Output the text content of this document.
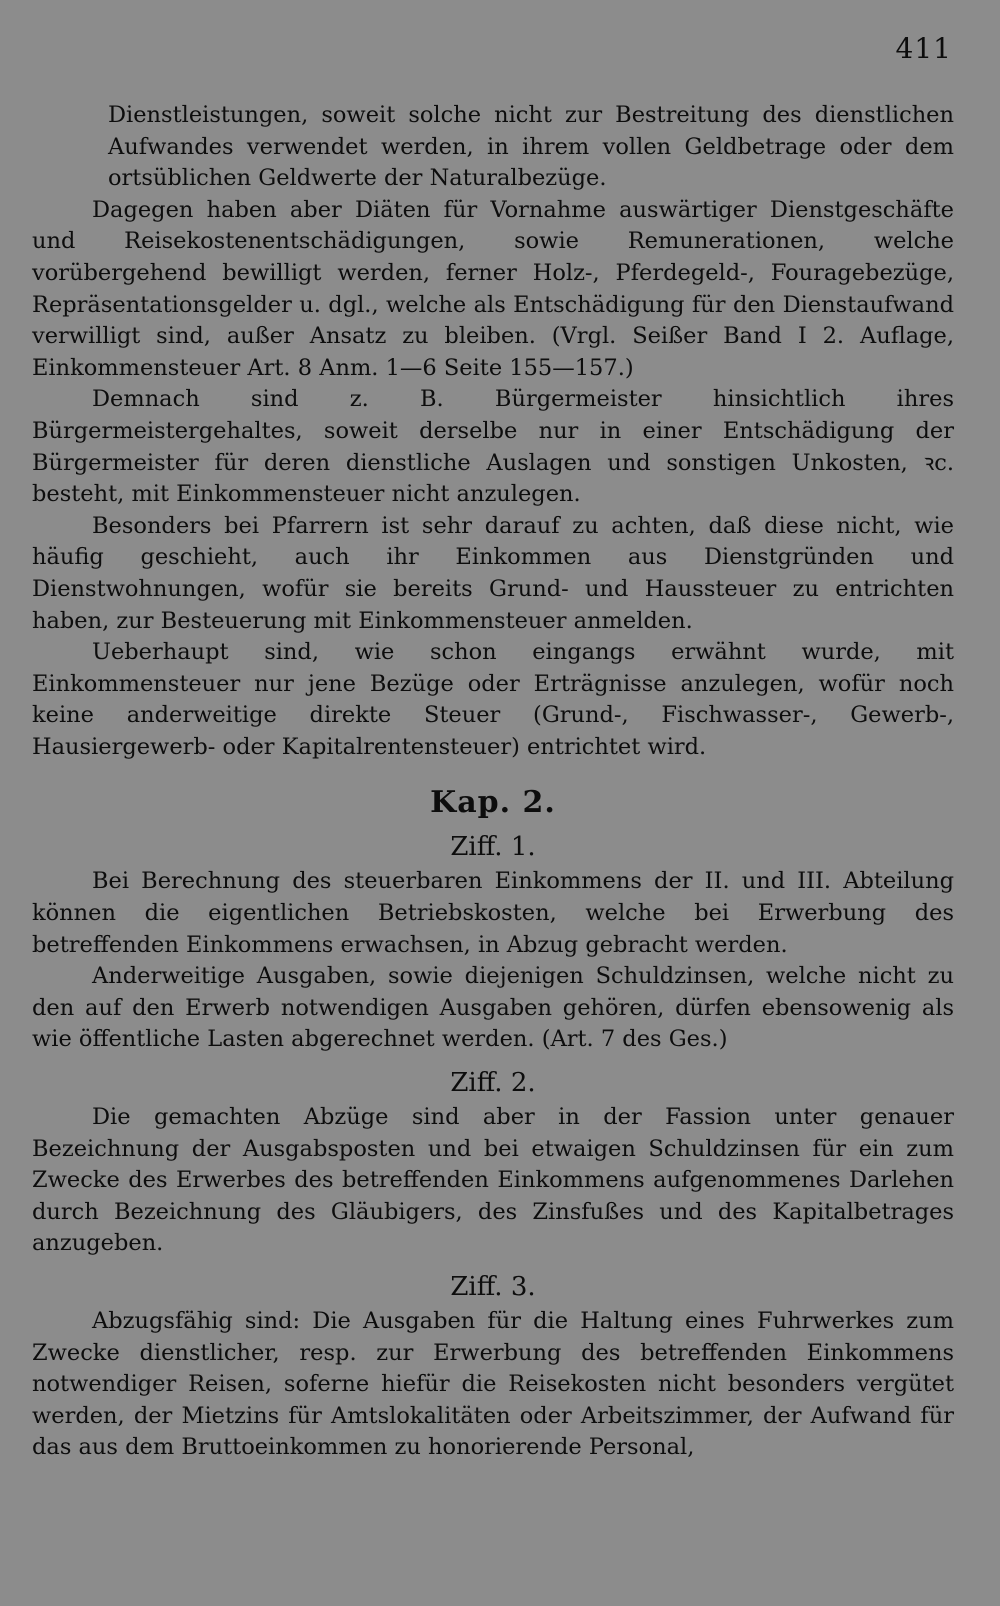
411

Dienstleistungen, soweit solche nicht zur Bestreitung des dienstlichen Aufwandes verwendet werden, in ihrem vollen Geldbetrage oder dem ortsüblichen Geldwerte der Naturalbezüge.

Dagegen haben aber Diäten für Vornahme auswärtiger Dienstgeschäfte und Reisekostenentschädigungen, sowie Remunerationen, welche vorübergehend bewilligt werden, ferner Holz-, Pferdegeld-, Fouragebezüge, Repräsentationsgelder u. dgl., welche als Entschädigung für den Dienstaufwand verwilligt sind, außer Ansatz zu bleiben. (Vrgl. Seißer Band I 2. Auflage, Einkommensteuer Art. 8 Anm. 1—6 Seite 155—157.)

Demnach sind z. B. Bürgermeister hinsichtlich ihres Bürgermeistergehaltes, soweit derselbe nur in einer Entschädigung der Bürgermeister für deren dienstliche Auslagen und sonstigen Unkosten, ꝛc. besteht, mit Einkommensteuer nicht anzulegen.

Besonders bei Pfarrern ist sehr darauf zu achten, daß diese nicht, wie häufig geschieht, auch ihr Einkommen aus Dienstgründen und Dienstwohnungen, wofür sie bereits Grund- und Haussteuer zu entrichten haben, zur Besteuerung mit Einkommensteuer anmelden.

Ueberhaupt sind, wie schon eingangs erwähnt wurde, mit Einkommensteuer nur jene Bezüge oder Erträgnisse anzulegen, wofür noch keine anderweitige direkte Steuer (Grund-, Fischwasser-, Gewerb-, Hausiergewerb- oder Kapitalrentensteuer) entrichtet wird.

Kap. 2.
Ziff. 1.

Bei Berechnung des steuerbaren Einkommens der II. und III. Abteilung können die eigentlichen Betriebskosten, welche bei Erwerbung des betreffenden Einkommens erwachsen, in Abzug gebracht werden.

Anderweitige Ausgaben, sowie diejenigen Schuldzinsen, welche nicht zu den auf den Erwerb notwendigen Ausgaben gehören, dürfen ebensowenig als wie öffentliche Lasten abgerechnet werden. (Art. 7 des Ges.)

Ziff. 2.

Die gemachten Abzüge sind aber in der Fassion unter genauer Bezeichnung der Ausgabsposten und bei etwaigen Schuldzinsen für ein zum Zwecke des Erwerbes des betreffenden Einkommens aufgenommenes Darlehen durch Bezeichnung des Gläubigers, des Zinsfußes und des Kapitalbetrages anzugeben.

Ziff. 3.

Abzugsfähig sind: Die Ausgaben für die Haltung eines Fuhrwerkes zum Zwecke dienstlicher, resp. zur Erwerbung des betreffenden Einkommens notwendiger Reisen, soferne hiefür die Reisekosten nicht besonders vergütet werden, der Mietzins für Amtslokalitäten oder Arbeitszimmer, der Aufwand für das aus dem Bruttoeinkommen zu honorierende Personal,
